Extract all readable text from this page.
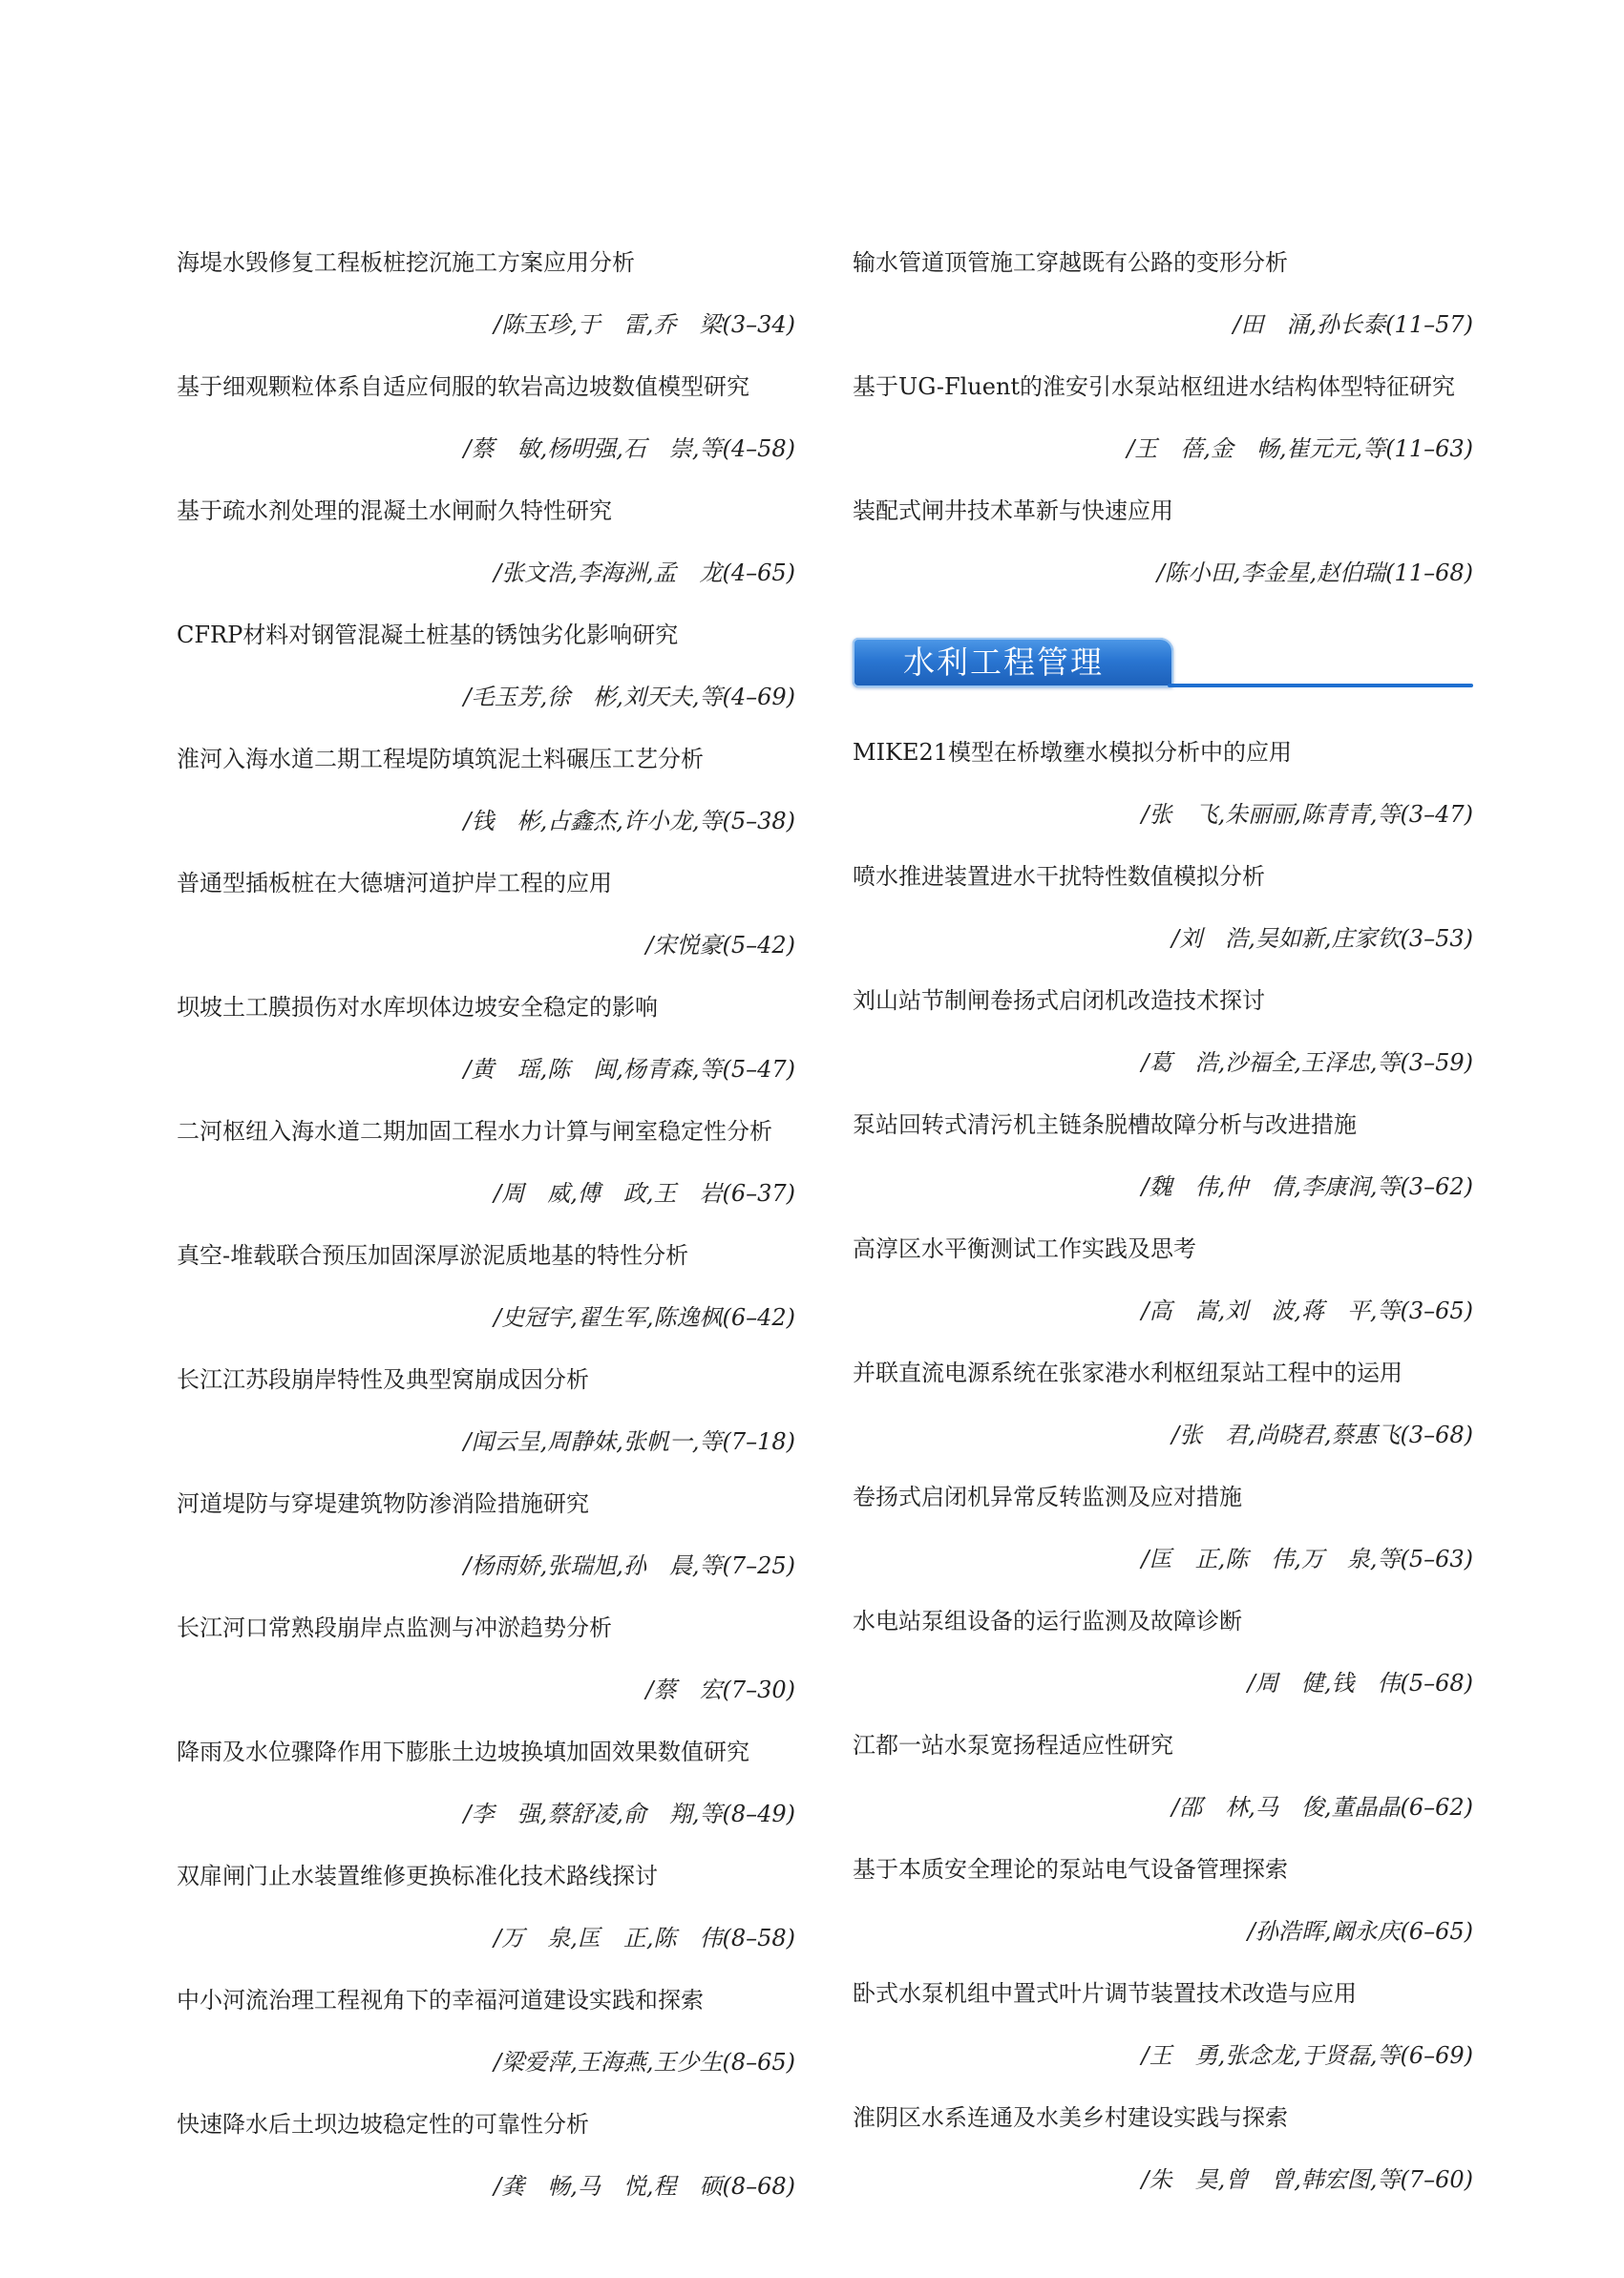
海堤水毁修复工程板桩挖沉施工方案应用分析
/陈玉珍,于　雷,乔　梁(3–34)
基于细观颗粒体系自适应伺服的软岩高边坡数值模型研究
/蔡　敏,杨明强,石　崇,等(4–58)
基于疏水剂处理的混凝土水闸耐久特性研究
/张文浩,李海洲,孟　龙(4–65)
CFRP材料对钢管混凝土桩基的锈蚀劣化影响研究
/毛玉芳,徐　彬,刘天夫,等(4–69)
淮河入海水道二期工程堤防填筑泥土料碾压工艺分析
/钱　彬,占鑫杰,许小龙,等(5–38)
普通型插板桩在大德塘河道护岸工程的应用
/宋悦豪(5–42)
坝坡土工膜损伤对水库坝体边坡安全稳定的影响
/黄　瑶,陈　闽,杨青森,等(5–47)
二河枢纽入海水道二期加固工程水力计算与闸室稳定性分析
/周　威,傅　政,王　岩(6–37)
真空-堆载联合预压加固深厚淤泥质地基的特性分析
/史冠宇,翟生军,陈逸枫(6–42)
长江江苏段崩岸特性及典型窝崩成因分析
/闻云呈,周静妹,张帆一,等(7–18)
河道堤防与穿堤建筑物防渗消险措施研究
/杨雨娇,张瑞旭,孙　晨,等(7–25)
长江河口常熟段崩岸点监测与冲淤趋势分析
/蔡　宏(7–30)
降雨及水位骤降作用下膨胀土边坡换填加固效果数值研究
/李　强,蔡舒凌,俞　翔,等(8–49)
双扉闸门止水装置维修更换标准化技术路线探讨
/万　泉,匡　正,陈　伟(8–58)
中小河流治理工程视角下的幸福河道建设实践和探索
/梁爱萍,王海燕,王少生(8–65)
快速降水后土坝边坡稳定性的可靠性分析
/龚　畅,马　悦,程　硕(8–68)
输水管道顶管施工穿越既有公路的变形分析
/田　涌,孙长泰(11–57)
基于UG-Fluent的淮安引水泵站枢纽进水结构体型特征研究
/王　蓓,金　畅,崔元元,等(11–63)
装配式闸井技术革新与快速应用
/陈小田,李金星,赵伯瑞(11–68)
水利工程管理
MIKE21模型在桥墩壅水模拟分析中的应用
/张　飞,朱丽丽,陈青青,等(3–47)
喷水推进装置进水干扰特性数值模拟分析
/刘　浩,吴如新,庄家钦(3–53)
刘山站节制闸卷扬式启闭机改造技术探讨
/葛　浩,沙福全,王泽忠,等(3–59)
泵站回转式清污机主链条脱槽故障分析与改进措施
/魏　伟,仲　倩,李康润,等(3–62)
高淳区水平衡测试工作实践及思考
/高　嵩,刘　波,蒋　平,等(3–65)
并联直流电源系统在张家港水利枢纽泵站工程中的运用
/张　君,尚晓君,蔡惠飞(3–68)
卷扬式启闭机异常反转监测及应对措施
/匡　正,陈　伟,万　泉,等(5–63)
水电站泵组设备的运行监测及故障诊断
/周　健,钱　伟(5–68)
江都一站水泵宽扬程适应性研究
/邵　林,马　俊,董晶晶(6–62)
基于本质安全理论的泵站电气设备管理探索
/孙浩晖,阚永庆(6–65)
卧式水泵机组中置式叶片调节装置技术改造与应用
/王　勇,张念龙,于贤磊,等(6–69)
淮阴区水系连通及水美乡村建设实践与探索
/朱　昊,曾　曾,韩宏图,等(7–60)
